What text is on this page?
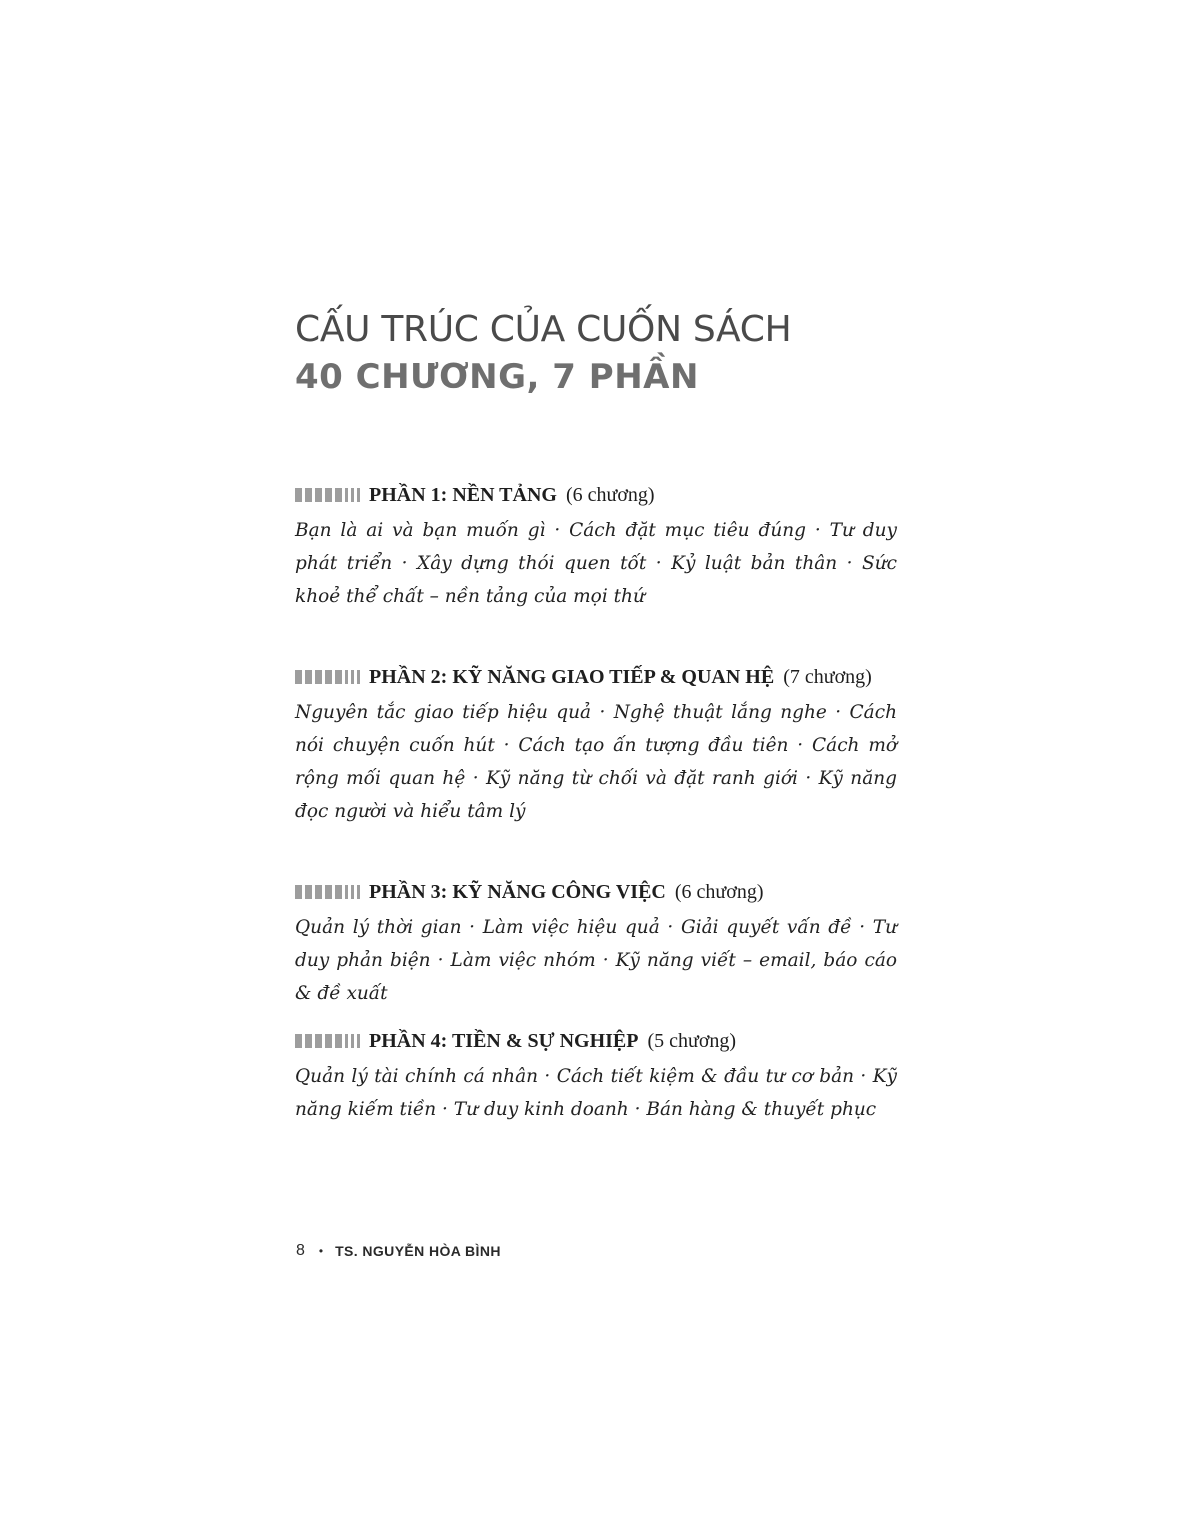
CẤU TRÚC CỦA CUỐN SÁCH
40 CHƯƠNG, 7 PHẦN
PHẦN 1: NỀN TẢNG (6 chương)

Bạn là ai và bạn muốn gì · Cách đặt mục tiêu đúng · Tư duy phát triển · Xây dựng thói quen tốt · Kỷ luật bản thân · Sức khoẻ thể chất – nền tảng của mọi thứ

PHẦN 2: KỸ NĂNG GIAO TIẾP & QUAN HỆ (7 chương)

Nguyên tắc giao tiếp hiệu quả · Nghệ thuật lắng nghe · Cách nói chuyện cuốn hút · Cách tạo ấn tượng đầu tiên · Cách mở rộng mối quan hệ · Kỹ năng từ chối và đặt ranh giới · Kỹ năng đọc người và hiểu tâm lý

PHẦN 3: KỸ NĂNG CÔNG VIỆC (6 chương)

Quản lý thời gian · Làm việc hiệu quả · Giải quyết vấn đề · Tư duy phản biện · Làm việc nhóm · Kỹ năng viết – email, báo cáo & đề xuất

PHẦN 4: TIỀN & SỰ NGHIỆP (5 chương)

Quản lý tài chính cá nhân · Cách tiết kiệm & đầu tư cơ bản · Kỹ năng kiếm tiền · Tư duy kinh doanh · Bán hàng & thuyết phục

8 • TS. NGUYỄN HÒA BÌNH
